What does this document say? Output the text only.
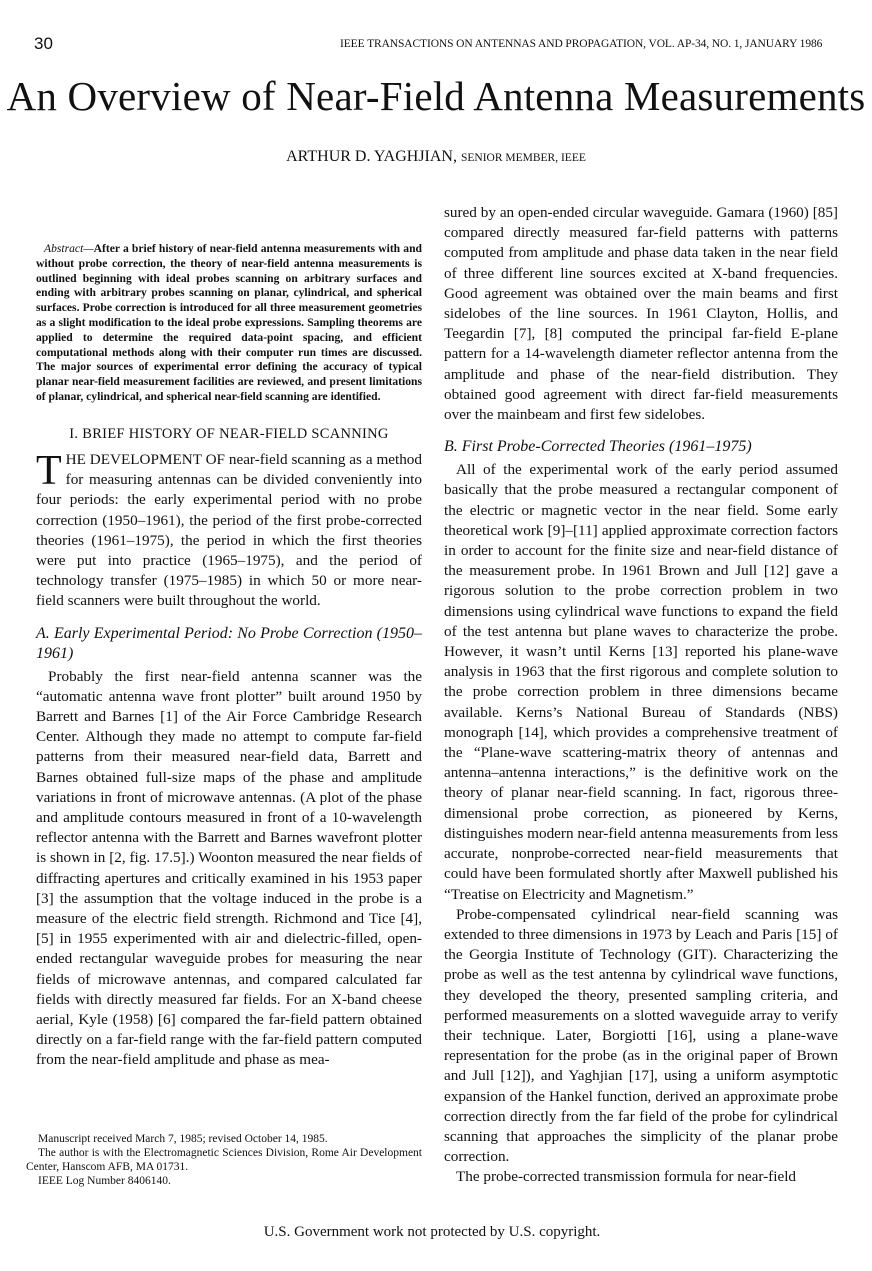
30	IEEE TRANSACTIONS ON ANTENNAS AND PROPAGATION, VOL. AP-34, NO. 1, JANUARY 1986
An Overview of Near-Field Antenna Measurements
ARTHUR D. YAGHJIAN, SENIOR MEMBER, IEEE

Abstract—After a brief history of near-field antenna measurements with and without probe correction, the theory of near-field antenna measurements is outlined beginning with ideal probes scanning on arbitrary surfaces and ending with arbitrary probes scanning on planar, cylindrical, and spherical surfaces. Probe correction is introduced for all three measurement geometries as a slight modification to the ideal probe expressions. Sampling theorems are applied to determine the required data-point spacing, and efficient computational methods along with their computer run times are discussed. The major sources of experimental error defining the accuracy of typical planar near-field measurement facilities are reviewed, and present limitations of planar, cylindrical, and spherical near-field scanning are identified.

I. BRIEF HISTORY OF NEAR-FIELD SCANNING

THE DEVELOPMENT OF near-field scanning as a method for measuring antennas can be divided conveniently into four periods: the early experimental period with no probe correction (1950–1961), the period of the first probe-corrected theories (1961–1975), the period in which the first theories were put into practice (1965–1975), and the period of technology transfer (1975–1985) in which 50 or more near-field scanners were built throughout the world.

A. Early Experimental Period: No Probe Correction (1950–1961)

Probably the first near-field antenna scanner was the “automatic antenna wave front plotter” built around 1950 by Barrett and Barnes [1] of the Air Force Cambridge Research Center. Although they made no attempt to compute far-field patterns from their measured near-field data, Barrett and Barnes obtained full-size maps of the phase and amplitude variations in front of microwave antennas. (A plot of the phase and amplitude contours measured in front of a 10-wavelength reflector antenna with the Barrett and Barnes wavefront plotter is shown in [2, fig. 17.5].) Woonton measured the near fields of diffracting apertures and critically examined in his 1953 paper [3] the assumption that the voltage induced in the probe is a measure of the electric field strength. Richmond and Tice [4], [5] in 1955 experimented with air and dielectric-filled, open-ended rectangular waveguide probes for measuring the near fields of microwave antennas, and compared calculated far fields with directly measured far fields. For an X-band cheese aerial, Kyle (1958) [6] compared the far-field pattern obtained directly on a far-field range with the far-field pattern computed from the near-field amplitude and phase as mea-

Manuscript received March 7, 1985; revised October 14, 1985.

The author is with the Electromagnetic Sciences Division, Rome Air Development Center, Hanscom AFB, MA 01731.

IEEE Log Number 8406140.

sured by an open-ended circular waveguide. Gamara (1960) [85] compared directly measured far-field patterns with patterns computed from amplitude and phase data taken in the near field of three different line sources excited at X-band frequencies. Good agreement was obtained over the main beams and first sidelobes of the line sources. In 1961 Clayton, Hollis, and Teegardin [7], [8] computed the principal far-field E-plane pattern for a 14-wavelength diameter reflector antenna from the amplitude and phase of the near-field distribution. They obtained good agreement with direct far-field measurements over the mainbeam and first few sidelobes.

B. First Probe-Corrected Theories (1961–1975)

All of the experimental work of the early period assumed basically that the probe measured a rectangular component of the electric or magnetic vector in the near field. Some early theoretical work [9]–[11] applied approximate correction factors in order to account for the finite size and near-field distance of the measurement probe. In 1961 Brown and Jull [12] gave a rigorous solution to the probe correction problem in two dimensions using cylindrical wave functions to expand the field of the test antenna but plane waves to characterize the probe. However, it wasn’t until Kerns [13] reported his plane-wave analysis in 1963 that the first rigorous and complete solution to the probe correction problem in three dimensions became available. Kerns’s National Bureau of Standards (NBS) monograph [14], which provides a comprehensive treatment of the “Plane-wave scattering-matrix theory of antennas and antenna–antenna interactions,” is the definitive work on the theory of planar near-field scanning. In fact, rigorous three-dimensional probe correction, as pioneered by Kerns, distinguishes modern near-field antenna measurements from less accurate, nonprobe-corrected near-field measurements that could have been formulated shortly after Maxwell published his “Treatise on Electricity and Magnetism.”

Probe-compensated cylindrical near-field scanning was extended to three dimensions in 1973 by Leach and Paris [15] of the Georgia Institute of Technology (GIT). Characterizing the probe as well as the test antenna by cylindrical wave functions, they developed the theory, presented sampling criteria, and performed measurements on a slotted waveguide array to verify their technique. Later, Borgiotti [16], using a plane-wave representation for the probe (as in the original paper of Brown and Jull [12]), and Yaghjian [17], using a uniform asymptotic expansion of the Hankel function, derived an approximate probe correction directly from the far field of the probe for cylindrical scanning that approaches the simplicity of the planar probe correction.

The probe-corrected transmission formula for near-field

U.S. Government work not protected by U.S. copyright.
